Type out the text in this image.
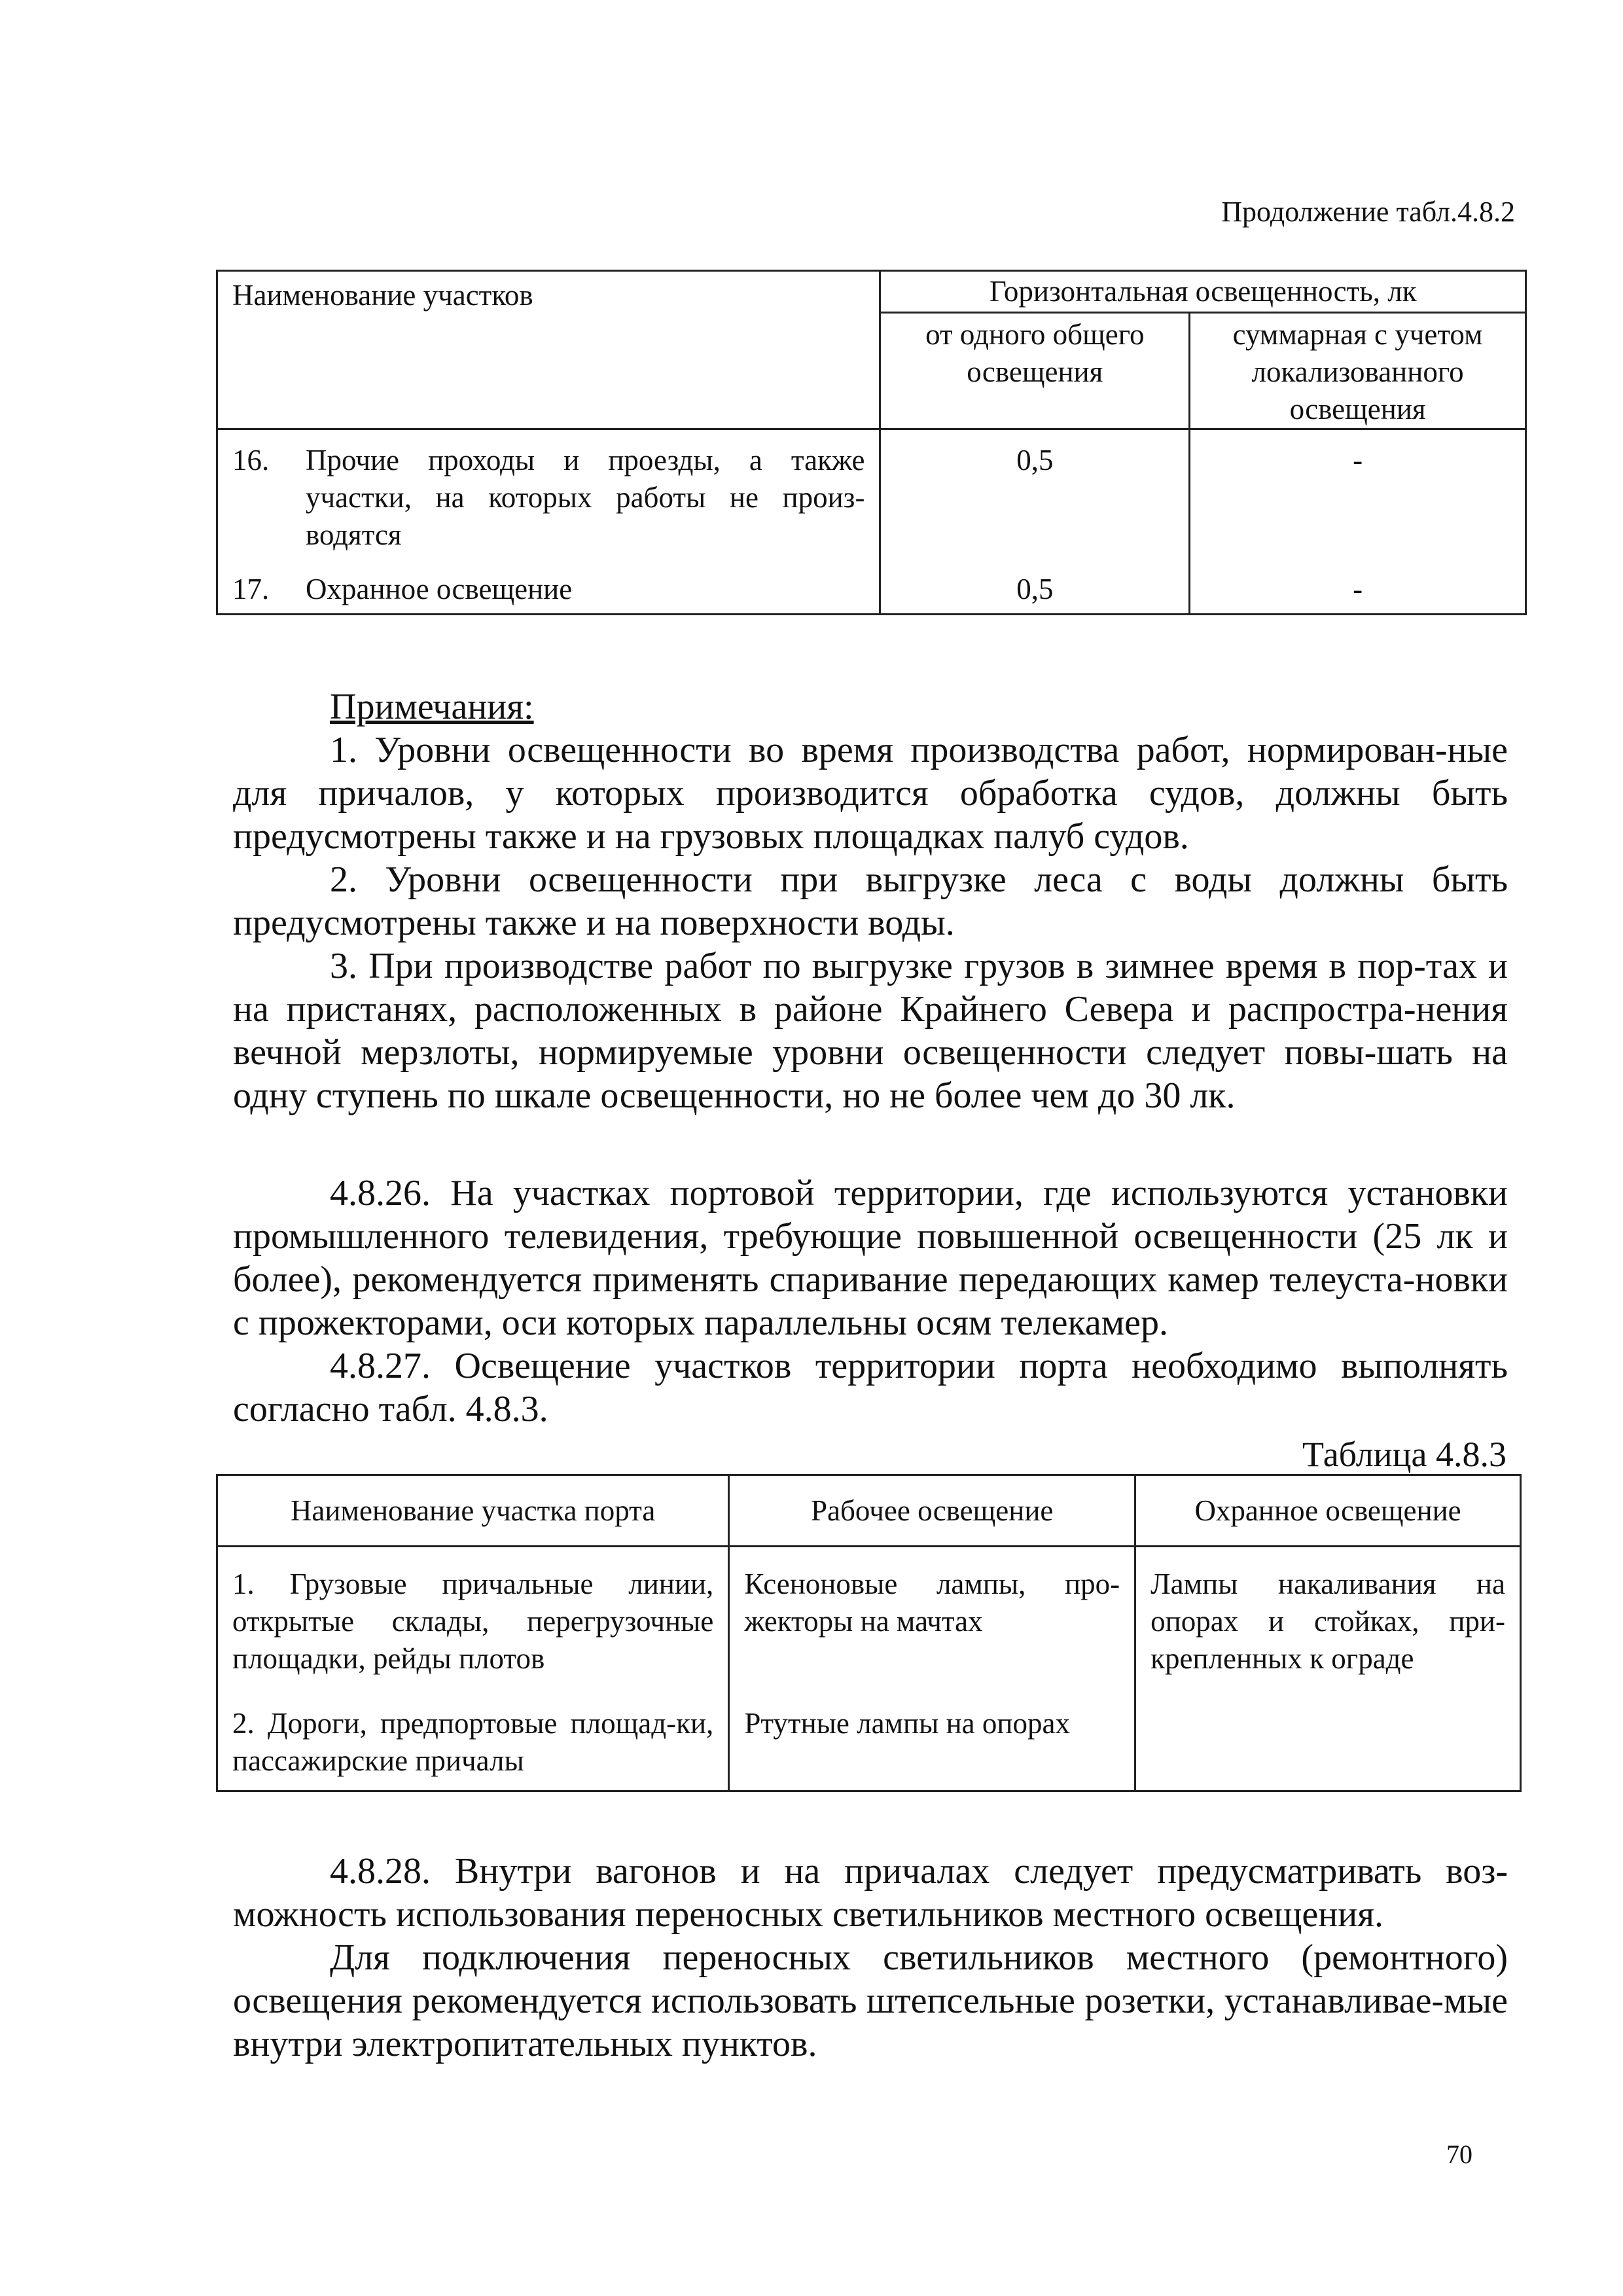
Продолжение табл.4.8.2
Наименование участков	Горизонтальная освещенность, лк	
	от одного общего освещения	суммарная с учетом локализованного освещения

16. Прочие проходы и проезды, а также участки, на которых работы не произ-водятся	0,5	-

17. Охранное освещение	0,5	-

Примечания:

1. Уровни освещенности во время производства работ, нормирован-ные для причалов, у которых производится обработка судов, должны быть предусмотрены также и на грузовых площадках палуб судов.

2. Уровни освещенности при выгрузке леса с воды должны быть предусмотрены также и на поверхности воды.

3. При производстве работ по выгрузке грузов в зимнее время в пор-тах и на пристанях, расположенных в районе Крайнего Севера и распростра-нения вечной мерзлоты, нормируемые уровни освещенности следует повы-шать на одну ступень по шкале освещенности, но не более чем до 30 лк.

4.8.26. На участках портовой территории, где используются установки промышленного телевидения, требующие повышенной освещенности (25 лк и более), рекомендуется применять спаривание передающих камер телеуста-новки с прожекторами, оси которых параллельны осям телекамер.

4.8.27. Освещение участков территории порта необходимо выполнять согласно табл. 4.8.3.

Таблица 4.8.3
Наименование участка порта	Рабочее освещение	Охранное освещение
1. Грузовые причальные линии, открытые склады, перегрузочные площадки, рейды плотов	Ксеноновые лампы, про-жекторы на мачтах	Лампы накаливания на опорах и стойках, при-крепленных к ограде
2. Дороги, предпортовые площад-ки, пассажирские причалы	Ртутные лампы на опорах	

4.8.28. Внутри вагонов и на причалах следует предусматривать воз-можность использования переносных светильников местного освещения.

Для подключения переносных светильников местного (ремонтного) освещения рекомендуется использовать штепсельные розетки, устанавливае-мые внутри электропитательных пунктов.

70
